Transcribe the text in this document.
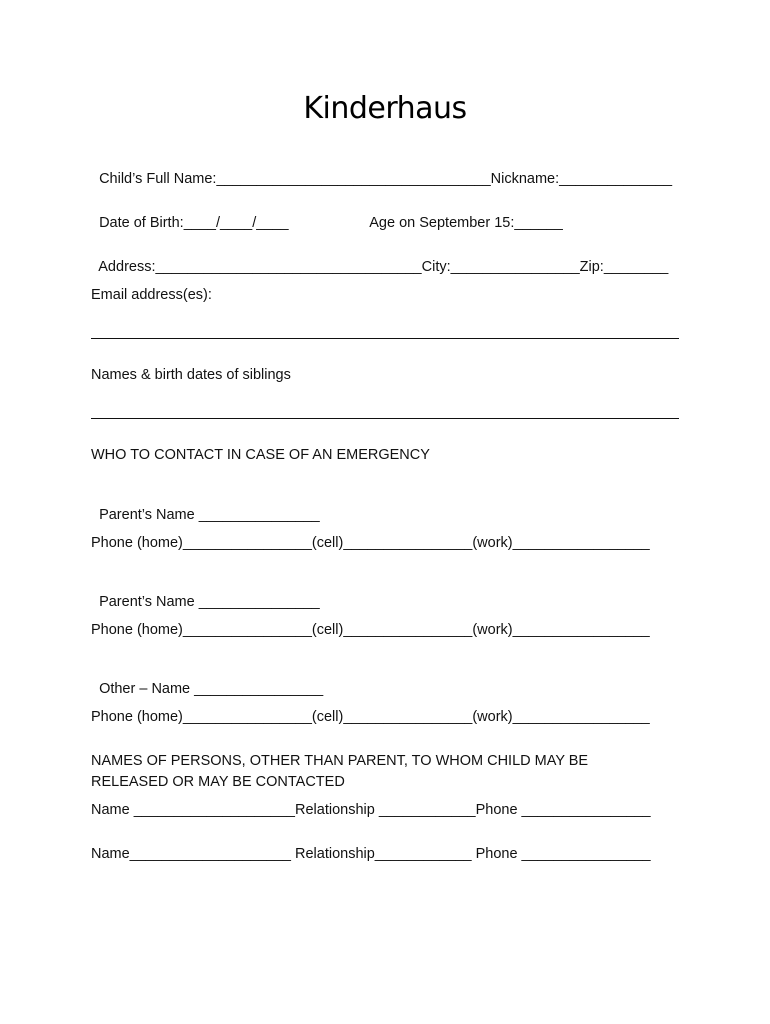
Kinderhaus

Child’s Full Name:__________________________________Nickname:______________

Date of Birth:____/____/____	Age on September 15:______

Address:_________________________________City:________________Zip:________

Email address(es):
Names & birth dates of siblings
WHO TO CONTACT IN CASE OF AN EMERGENCY

Parent’s Name _______________

Phone (home)________________(cell)________________(work)_________________

Parent’s Name _______________

Phone (home)________________(cell)________________(work)_________________

Other – Name ________________

Phone (home)________________(cell)________________(work)_________________
NAMES OF PERSONS, OTHER THAN PARENT, TO WHOM CHILD MAY BE
RELEASED OR MAY BE CONTACTED
Name ____________________Relationship ____________Phone ________________
Name____________________ Relationship____________ Phone ________________
